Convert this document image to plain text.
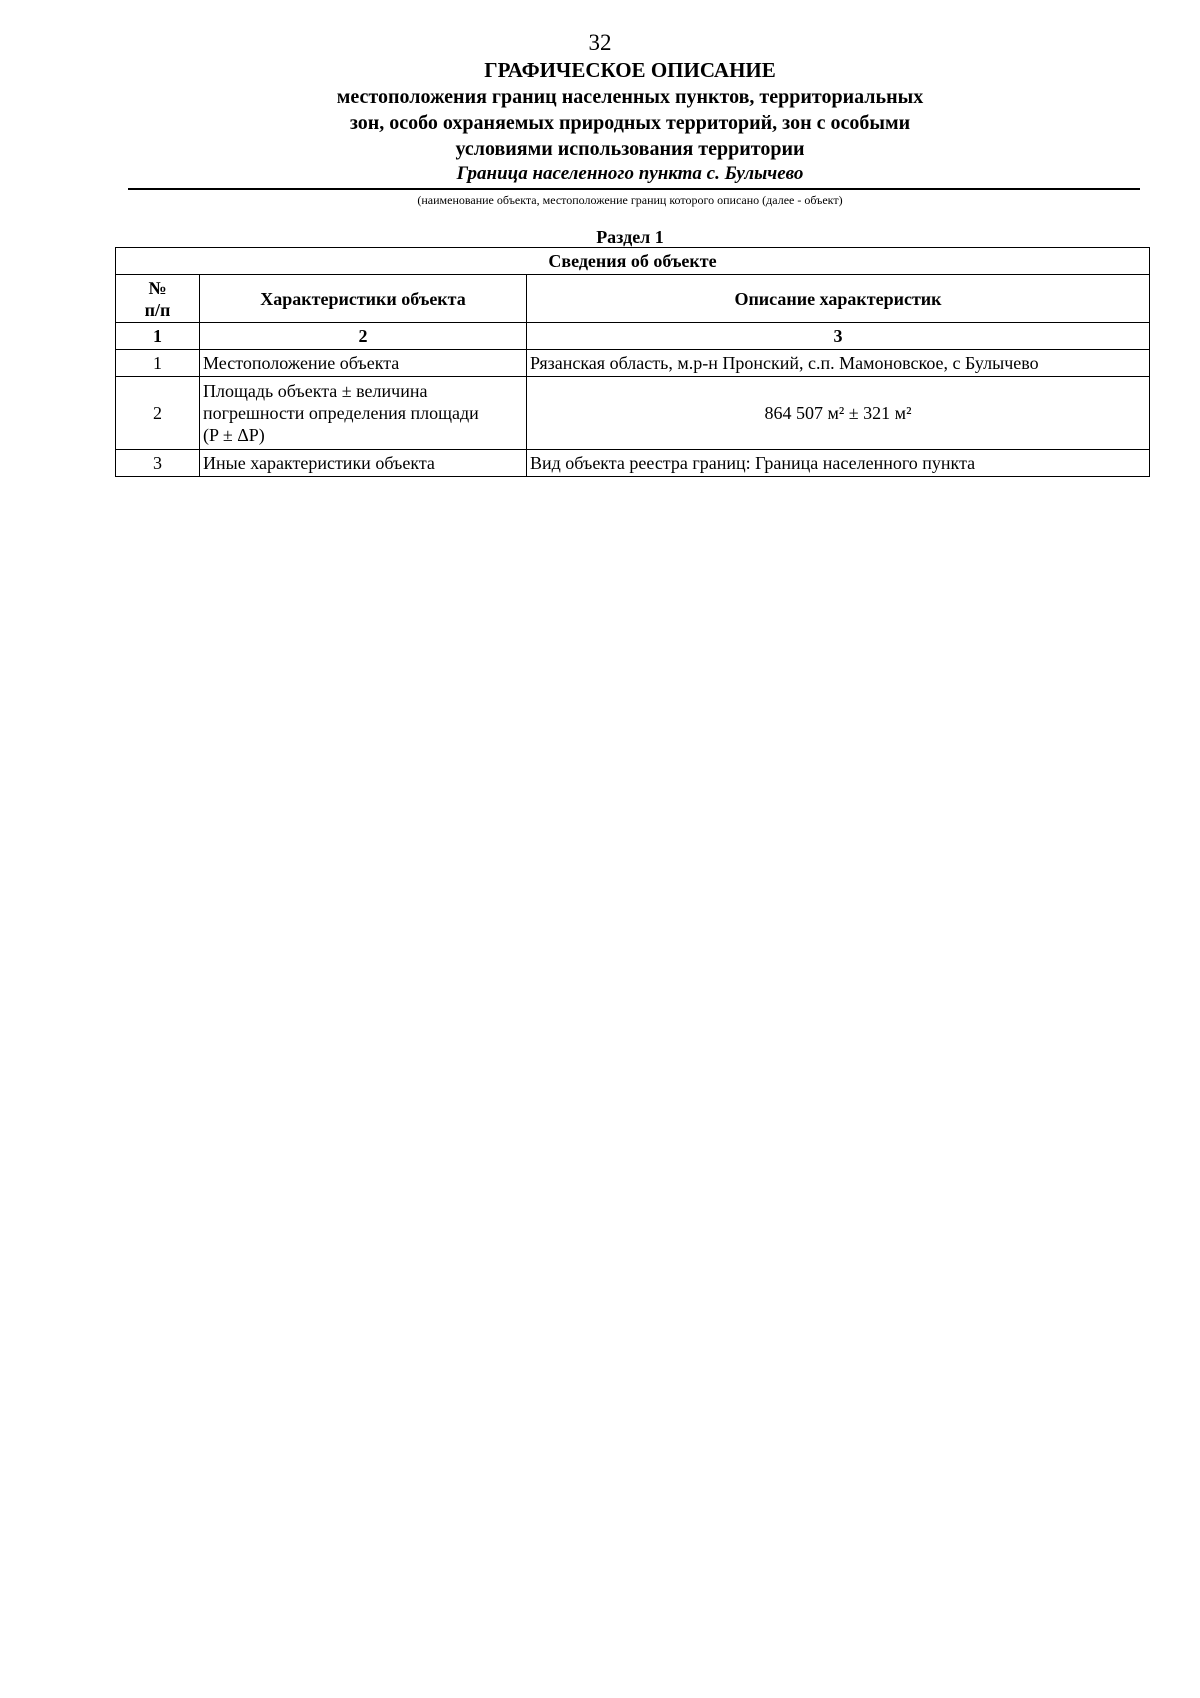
32
ГРАФИЧЕСКОЕ ОПИСАНИЕ
местоположения границ населенных пунктов, территориальных
зон, особо охраняемых природных территорий, зон с особыми
условиями использования территории
Граница населенного пункта с. Булычево
(наименование объекта, местоположение границ которого описано (далее - объект)
Раздел 1
Сведения об объекте		

№
п/п	Характеристики объекта	Описание характеристик
1	2	3
1	Местоположение объекта	Рязанская область, м.р-н Пронский, с.п. Мамоновское, с Булычево
2	Площадь объекта ± величина
погрешности определения площади
(P ± ΔP)	864 507 м² ± 321 м²
3	Иные характеристики объекта	Вид объекта реестра границ: Граница населенного пункта
